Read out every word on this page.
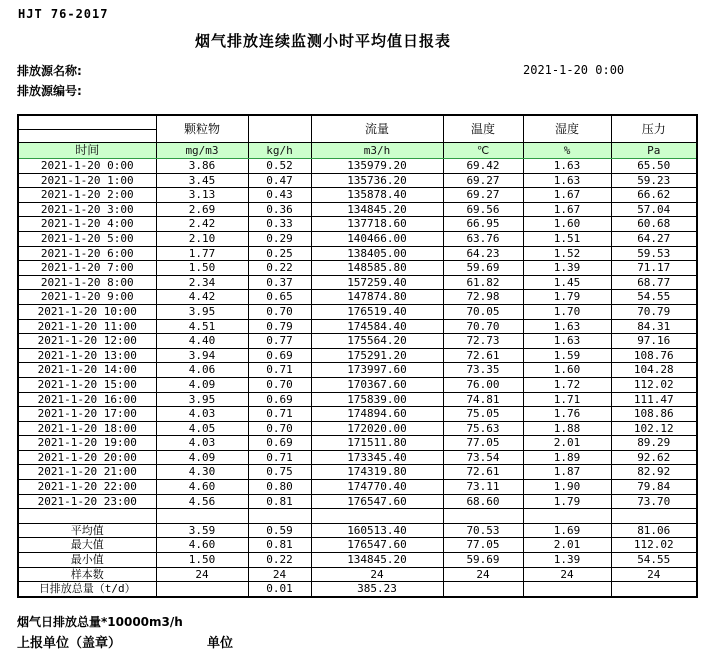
HJT 76-2017
烟气排放连续监测小时平均值日报表
排放源名称:
排放源编号:
2021-1-20 0:00
	颗粒物		流量	温度	湿度	压力

时间	mg/m3	kg/h	m3/h	℃	%	Pa
2021-1-20 0:00	3.86	0.52	135979.20	69.42	1.63	65.50
2021-1-20 1:00	3.45	0.47	135736.20	69.27	1.63	59.23
2021-1-20 2:00	3.13	0.43	135878.40	69.27	1.67	66.62
2021-1-20 3:00	2.69	0.36	134845.20	69.56	1.67	57.04
2021-1-20 4:00	2.42	0.33	137718.60	66.95	1.60	60.68
2021-1-20 5:00	2.10	0.29	140466.00	63.76	1.51	64.27
2021-1-20 6:00	1.77	0.25	138405.00	64.23	1.52	59.53
2021-1-20 7:00	1.50	0.22	148585.80	59.69	1.39	71.17
2021-1-20 8:00	2.34	0.37	157259.40	61.82	1.45	68.77
2021-1-20 9:00	4.42	0.65	147874.80	72.98	1.79	54.55
2021-1-20 10:00	3.95	0.70	176519.40	70.05	1.70	70.79
2021-1-20 11:00	4.51	0.79	174584.40	70.70	1.63	84.31
2021-1-20 12:00	4.40	0.77	175564.20	72.73	1.63	97.16
2021-1-20 13:00	3.94	0.69	175291.20	72.61	1.59	108.76
2021-1-20 14:00	4.06	0.71	173997.60	73.35	1.60	104.28
2021-1-20 15:00	4.09	0.70	170367.60	76.00	1.72	112.02
2021-1-20 16:00	3.95	0.69	175839.00	74.81	1.71	111.47
2021-1-20 17:00	4.03	0.71	174894.60	75.05	1.76	108.86
2021-1-20 18:00	4.05	0.70	172020.00	75.63	1.88	102.12
2021-1-20 19:00	4.03	0.69	171511.80	77.05	2.01	89.29
2021-1-20 20:00	4.09	0.71	173345.40	73.54	1.89	92.62
2021-1-20 21:00	4.30	0.75	174319.80	72.61	1.87	82.92
2021-1-20 22:00	4.60	0.80	174770.40	73.11	1.90	79.84
2021-1-20 23:00	4.56	0.81	176547.60	68.60	1.79	73.70

平均值	3.59	0.59	160513.40	70.53	1.69	81.06
最大值	4.60	0.81	176547.60	77.05	2.01	112.02
最小值	1.50	0.22	134845.20	59.69	1.39	54.55
样本数	24	24	24	24	24	24
日排放总量（t/d）		0.01	385.23			
烟气日排放总量*10000m3/h
上报单位（盖章）	单位
